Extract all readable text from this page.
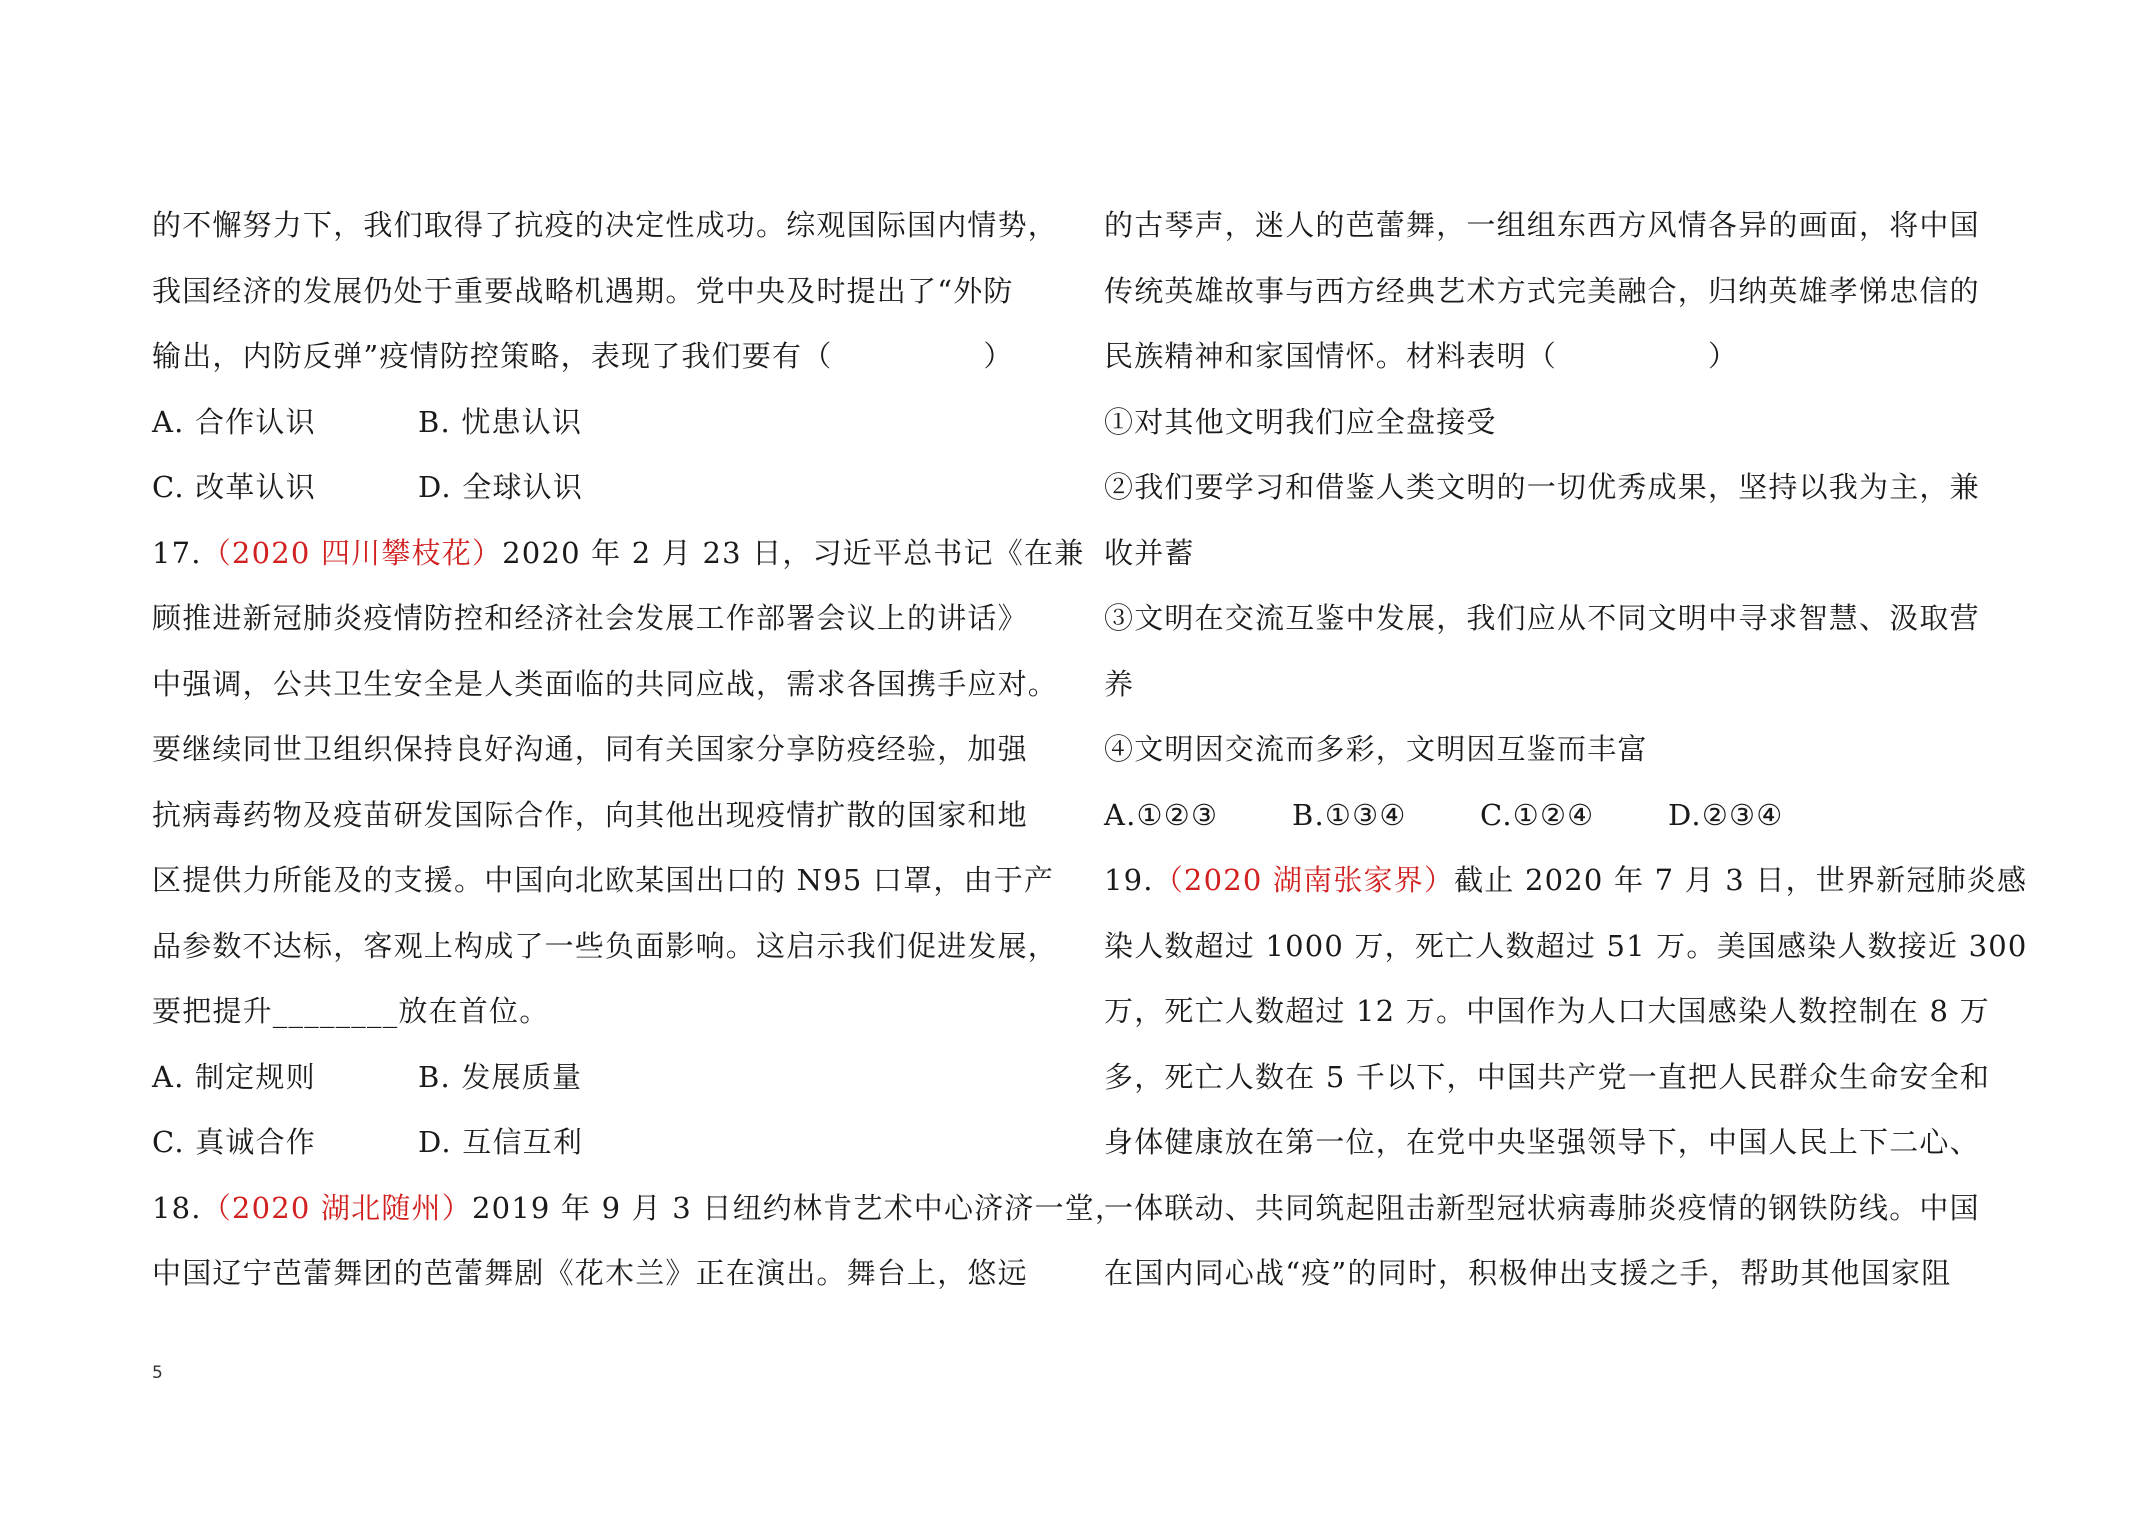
的不懈努力下，我们取得了抗疫的决定性成功。综观国际国内情势，
我国经济的发展仍处于重要战略机遇期。党中央及时提出了“外防
输出，内防反弹”疫情防控策略，表现了我们要有（　　　　　）
A. 合作认识	B. 忧患认识
C. 改革认识	D. 全球认识
17.（2020 四川攀枝花）2020 年 2 月 23 日，习近平总书记《在兼
顾推进新冠肺炎疫情防控和经济社会发展工作部署会议上的讲话》
中强调，公共卫生安全是人类面临的共同应战，需求各国携手应对。
要继续同世卫组织保持良好沟通，同有关国家分享防疫经验，加强
抗病毒药物及疫苗研发国际合作，向其他出现疫情扩散的国家和地
区提供力所能及的支援。中国向北欧某国出口的 N95 口罩，由于产
品参数不达标，客观上构成了一些负面影响。这启示我们促进发展，
要把提升________放在首位。
A. 制定规则	B. 发展质量
C. 真诚合作	D. 互信互利
18.（2020 湖北随州）2019 年 9 月 3 日纽约林肯艺术中心济济一堂，
中国辽宁芭蕾舞团的芭蕾舞剧《花木兰》正在演出。舞台上，悠远
的古琴声，迷人的芭蕾舞，一组组东西方风情各异的画面，将中国
传统英雄故事与西方经典艺术方式完美融合，归纳英雄孝悌忠信的
民族精神和家国情怀。材料表明（　　　　　）
①对其他文明我们应全盘接受
②我们要学习和借鉴人类文明的一切优秀成果，坚持以我为主，兼
收并蓄
③文明在交流互鉴中发展，我们应从不同文明中寻求智慧、汲取营
养
④文明因交流而多彩，文明因互鉴而丰富
A.①②③	B.①③④	C.①②④	D.②③④
19.（2020 湖南张家界）截止 2020 年 7 月 3 日，世界新冠肺炎感
染人数超过 1000 万，死亡人数超过 51 万。美国感染人数接近 300
万，死亡人数超过 12 万。中国作为人口大国感染人数控制在 8 万
多，死亡人数在 5 千以下，中国共产党一直把人民群众生命安全和
身体健康放在第一位，在党中央坚强领导下，中国人民上下二心、
一体联动、共同筑起阻击新型冠状病毒肺炎疫情的钢铁防线。中国
在国内同心战“疫”的同时，积极伸出支援之手，帮助其他国家阻
5
